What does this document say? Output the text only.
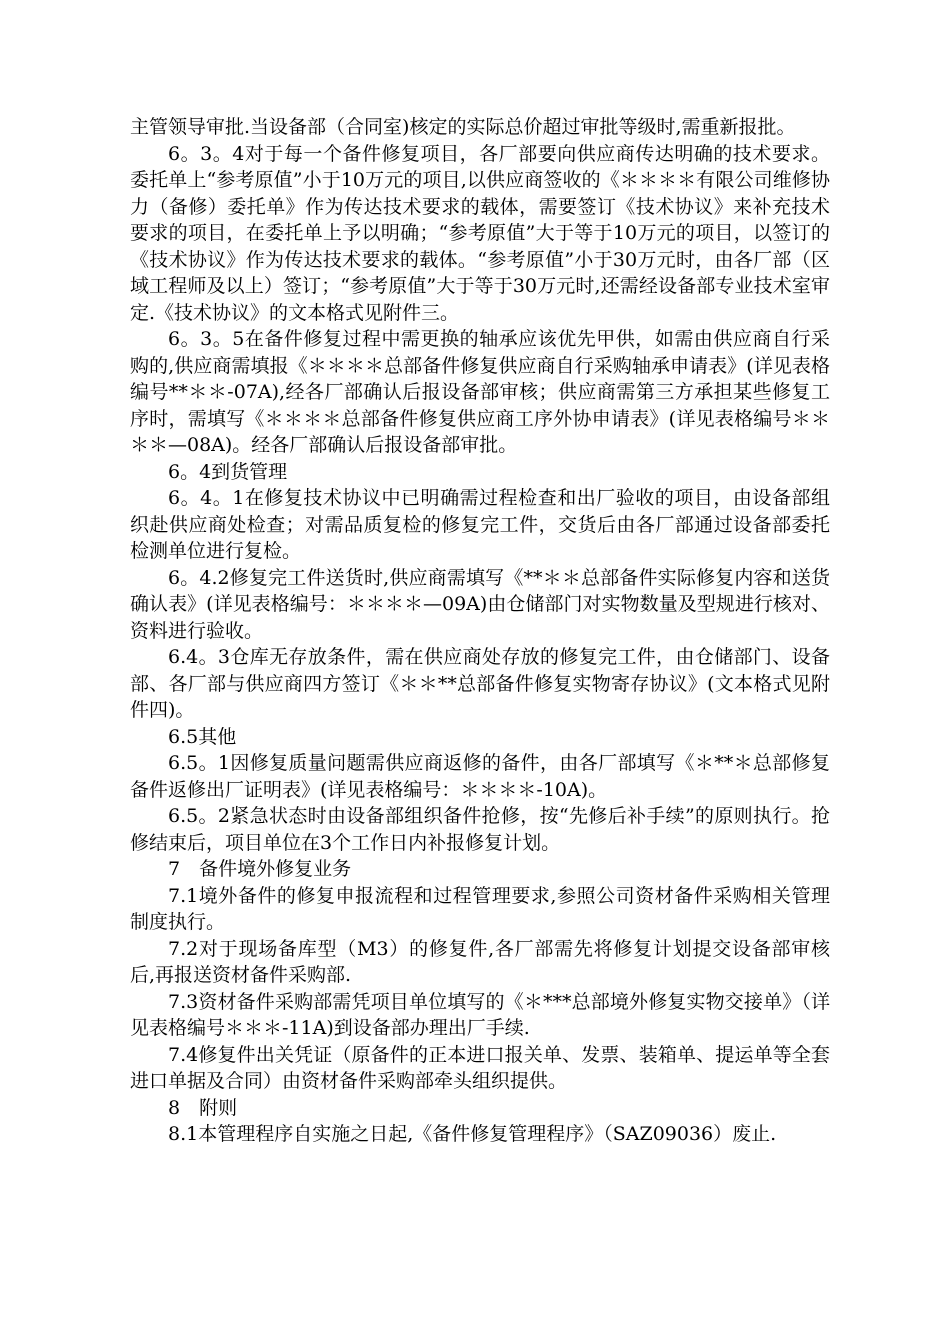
主管领导审批.当设备部（合同室)核定的实际总价超过审批等级时,需重新报批。

6。3。4对于每一个备件修复项目，各厂部要向供应商传达明确的技术要求。委托单上“参考原值”小于10万元的项目,以供应商签收的《＊＊＊＊有限公司维修协力（备修）委托单》作为传达技术要求的载体，需要签订《技术协议》来补充技术要求的项目，在委托单上予以明确；“参考原值”大于等于10万元的项目，以签订的《技术协议》作为传达技术要求的载体。“参考原值”小于30万元时，由各厂部（区域工程师及以上）签订；“参考原值”大于等于30万元时,还需经设备部专业技术室审定.《技术协议》的文本格式见附件三。

6。3。5在备件修复过程中需更换的轴承应该优先甲供，如需由供应商自行采购的,供应商需填报《＊＊＊＊总部备件修复供应商自行采购轴承申请表》(详见表格编号**＊＊-07A),经各厂部确认后报设备部审核；供应商需第三方承担某些修复工序时，需填写《＊＊＊＊总部备件修复供应商工序外协申请表》(详见表格编号＊＊＊＊—08A)。经各厂部确认后报设备部审批。

6。4到货管理

6。4。1在修复技术协议中已明确需过程检查和出厂验收的项目，由设备部组织赴供应商处检查；对需品质复检的修复完工件，交货后由各厂部通过设备部委托检测单位进行复检。

6。4.2修复完工件送货时,供应商需填写《**＊＊总部备件实际修复内容和送货确认表》(详见表格编号：＊＊＊＊—09A)由仓储部门对实物数量及型规进行核对、资料进行验收。

6.4。3仓库无存放条件，需在供应商处存放的修复完工件，由仓储部门、设备部、各厂部与供应商四方签订《＊＊**总部备件修复实物寄存协议》(文本格式见附件四)。

6.5其他

6.5。1因修复质量问题需供应商返修的备件，由各厂部填写《＊**＊总部修复备件返修出厂证明表》(详见表格编号：＊＊＊＊-10A)。

6.5。2紧急状态时由设备部组织备件抢修，按“先修后补手续”的原则执行。抢修结束后，项目单位在3个工作日内补报修复计划。

7　备件境外修复业务

7.1境外备件的修复申报流程和过程管理要求,参照公司资材备件采购相关管理制度执行。

7.2对于现场备库型（M3）的修复件,各厂部需先将修复计划提交设备部审核后,再报送资材备件采购部.

7.3资材备件采购部需凭项目单位填写的《＊***总部境外修复实物交接单》（详见表格编号＊＊＊-11A)到设备部办理出厂手续.

7.4修复件出关凭证（原备件的正本进口报关单、发票、装箱单、提运单等全套进口单据及合同）由资材备件采购部牵头组织提供。

8　附则

8.1本管理程序自实施之日起,《备件修复管理程序》（SAZ09036）废止.
